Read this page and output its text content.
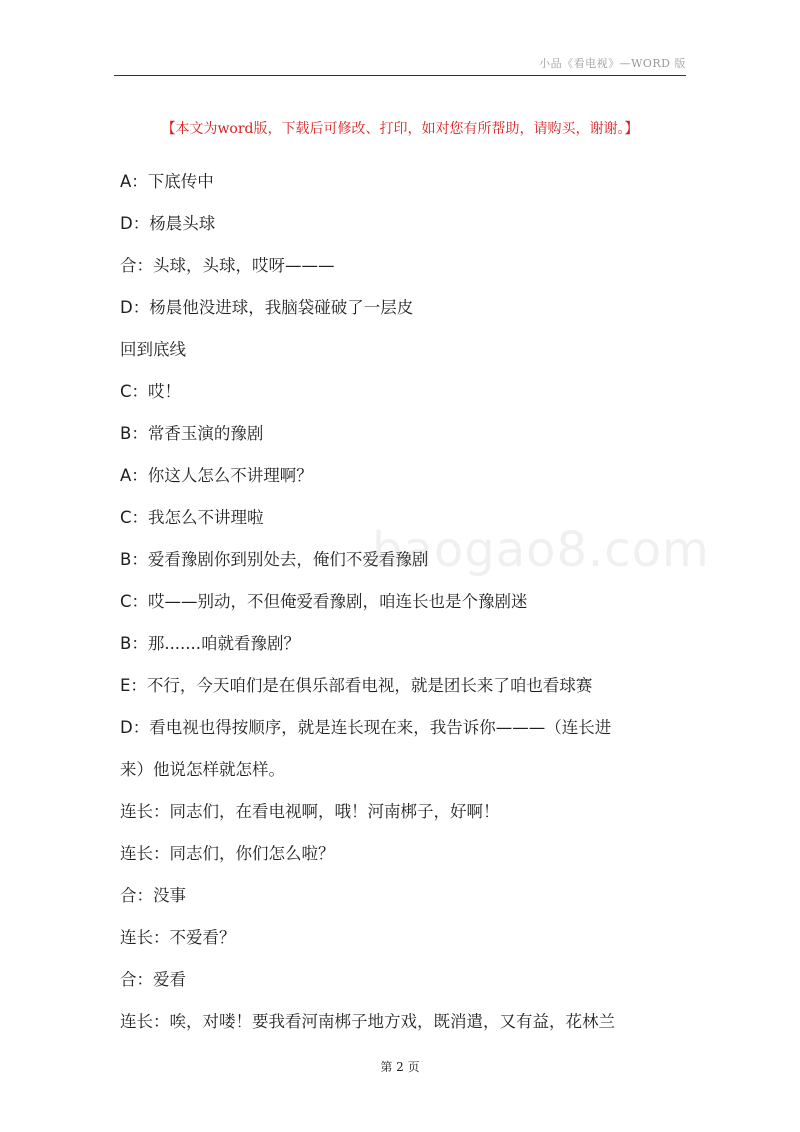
小品《看电视》—WORD 版
【本文为word版，下载后可修改、打印，如对您有所帮助，请购买，谢谢。】
baogao8.com
A：下底传中
D：杨晨头球
合：头球，头球，哎呀———
D：杨晨他没进球，我脑袋碰破了一层皮
回到底线
C：哎！
B：常香玉演的豫剧
A：你这人怎么不讲理啊？
C：我怎么不讲理啦
B：爱看豫剧你到别处去，俺们不爱看豫剧
C：哎——别动，不但俺爱看豫剧，咱连长也是个豫剧迷
B：那.......咱就看豫剧？
E：不行，今天咱们是在俱乐部看电视，就是团长来了咱也看球赛
D：看电视也得按顺序，就是连长现在来，我告诉你———（连长进
来）他说怎样就怎样。
连长：同志们，在看电视啊，哦！河南梆子，好啊！
连长：同志们，你们怎么啦？
合：没事
连长：不爱看？
合：爱看
连长：唉，对喽！要我看河南梆子地方戏，既消遣，又有益，花林兰
第 2 页
